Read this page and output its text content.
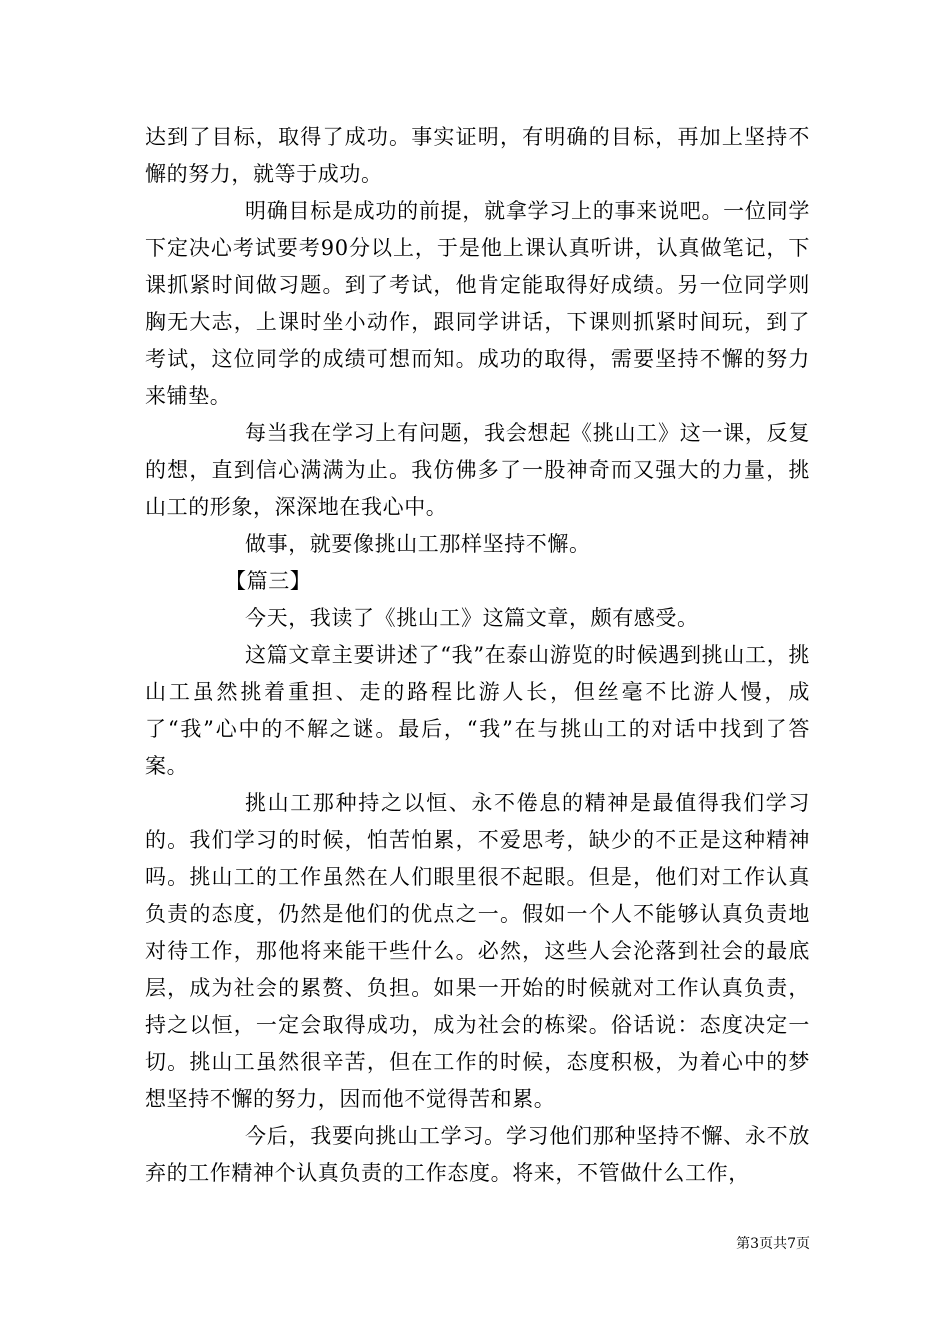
达到了目标，取得了成功。事实证明，有明确的目标，再加上坚持不懈的努力，就等于成功。

明确目标是成功的前提，就拿学习上的事来说吧。一位同学下定决心考试要考90分以上，于是他上课认真听讲，认真做笔记，下课抓紧时间做习题。到了考试，他肯定能取得好成绩。另一位同学则胸无大志，上课时坐小动作，跟同学讲话，下课则抓紧时间玩，到了考试，这位同学的成绩可想而知。成功的取得，需要坚持不懈的努力来铺垫。

每当我在学习上有问题，我会想起《挑山工》这一课，反复的想，直到信心满满为止。我仿佛多了一股神奇而又强大的力量，挑山工的形象，深深地在我心中。

做事，就要像挑山工那样坚持不懈。

【篇三】

今天，我读了《挑山工》这篇文章，颇有感受。

这篇文章主要讲述了“我”在泰山游览的时候遇到挑山工，挑山工虽然挑着重担、走的路程比游人长，但丝毫不比游人慢，成了“我”心中的不解之谜。最后，“我”在与挑山工的对话中找到了答案。

挑山工那种持之以恒、永不倦息的精神是最值得我们学习的。我们学习的时候，怕苦怕累，不爱思考，缺少的不正是这种精神吗。挑山工的工作虽然在人们眼里很不起眼。但是，他们对工作认真负责的态度，仍然是他们的优点之一。假如一个人不能够认真负责地对待工作，那他将来能干些什么。必然，这些人会沦落到社会的最底层，成为社会的累赘、负担。如果一开始的时候就对工作认真负责，持之以恒，一定会取得成功，成为社会的栋梁。俗话说：态度决定一切。挑山工虽然很辛苦，但在工作的时候，态度积极，为着心中的梦想坚持不懈的努力，因而他不觉得苦和累。

今后，我要向挑山工学习。学习他们那种坚持不懈、永不放弃的工作精神个认真负责的工作态度。将来，不管做什么工作，

第3页共7页
